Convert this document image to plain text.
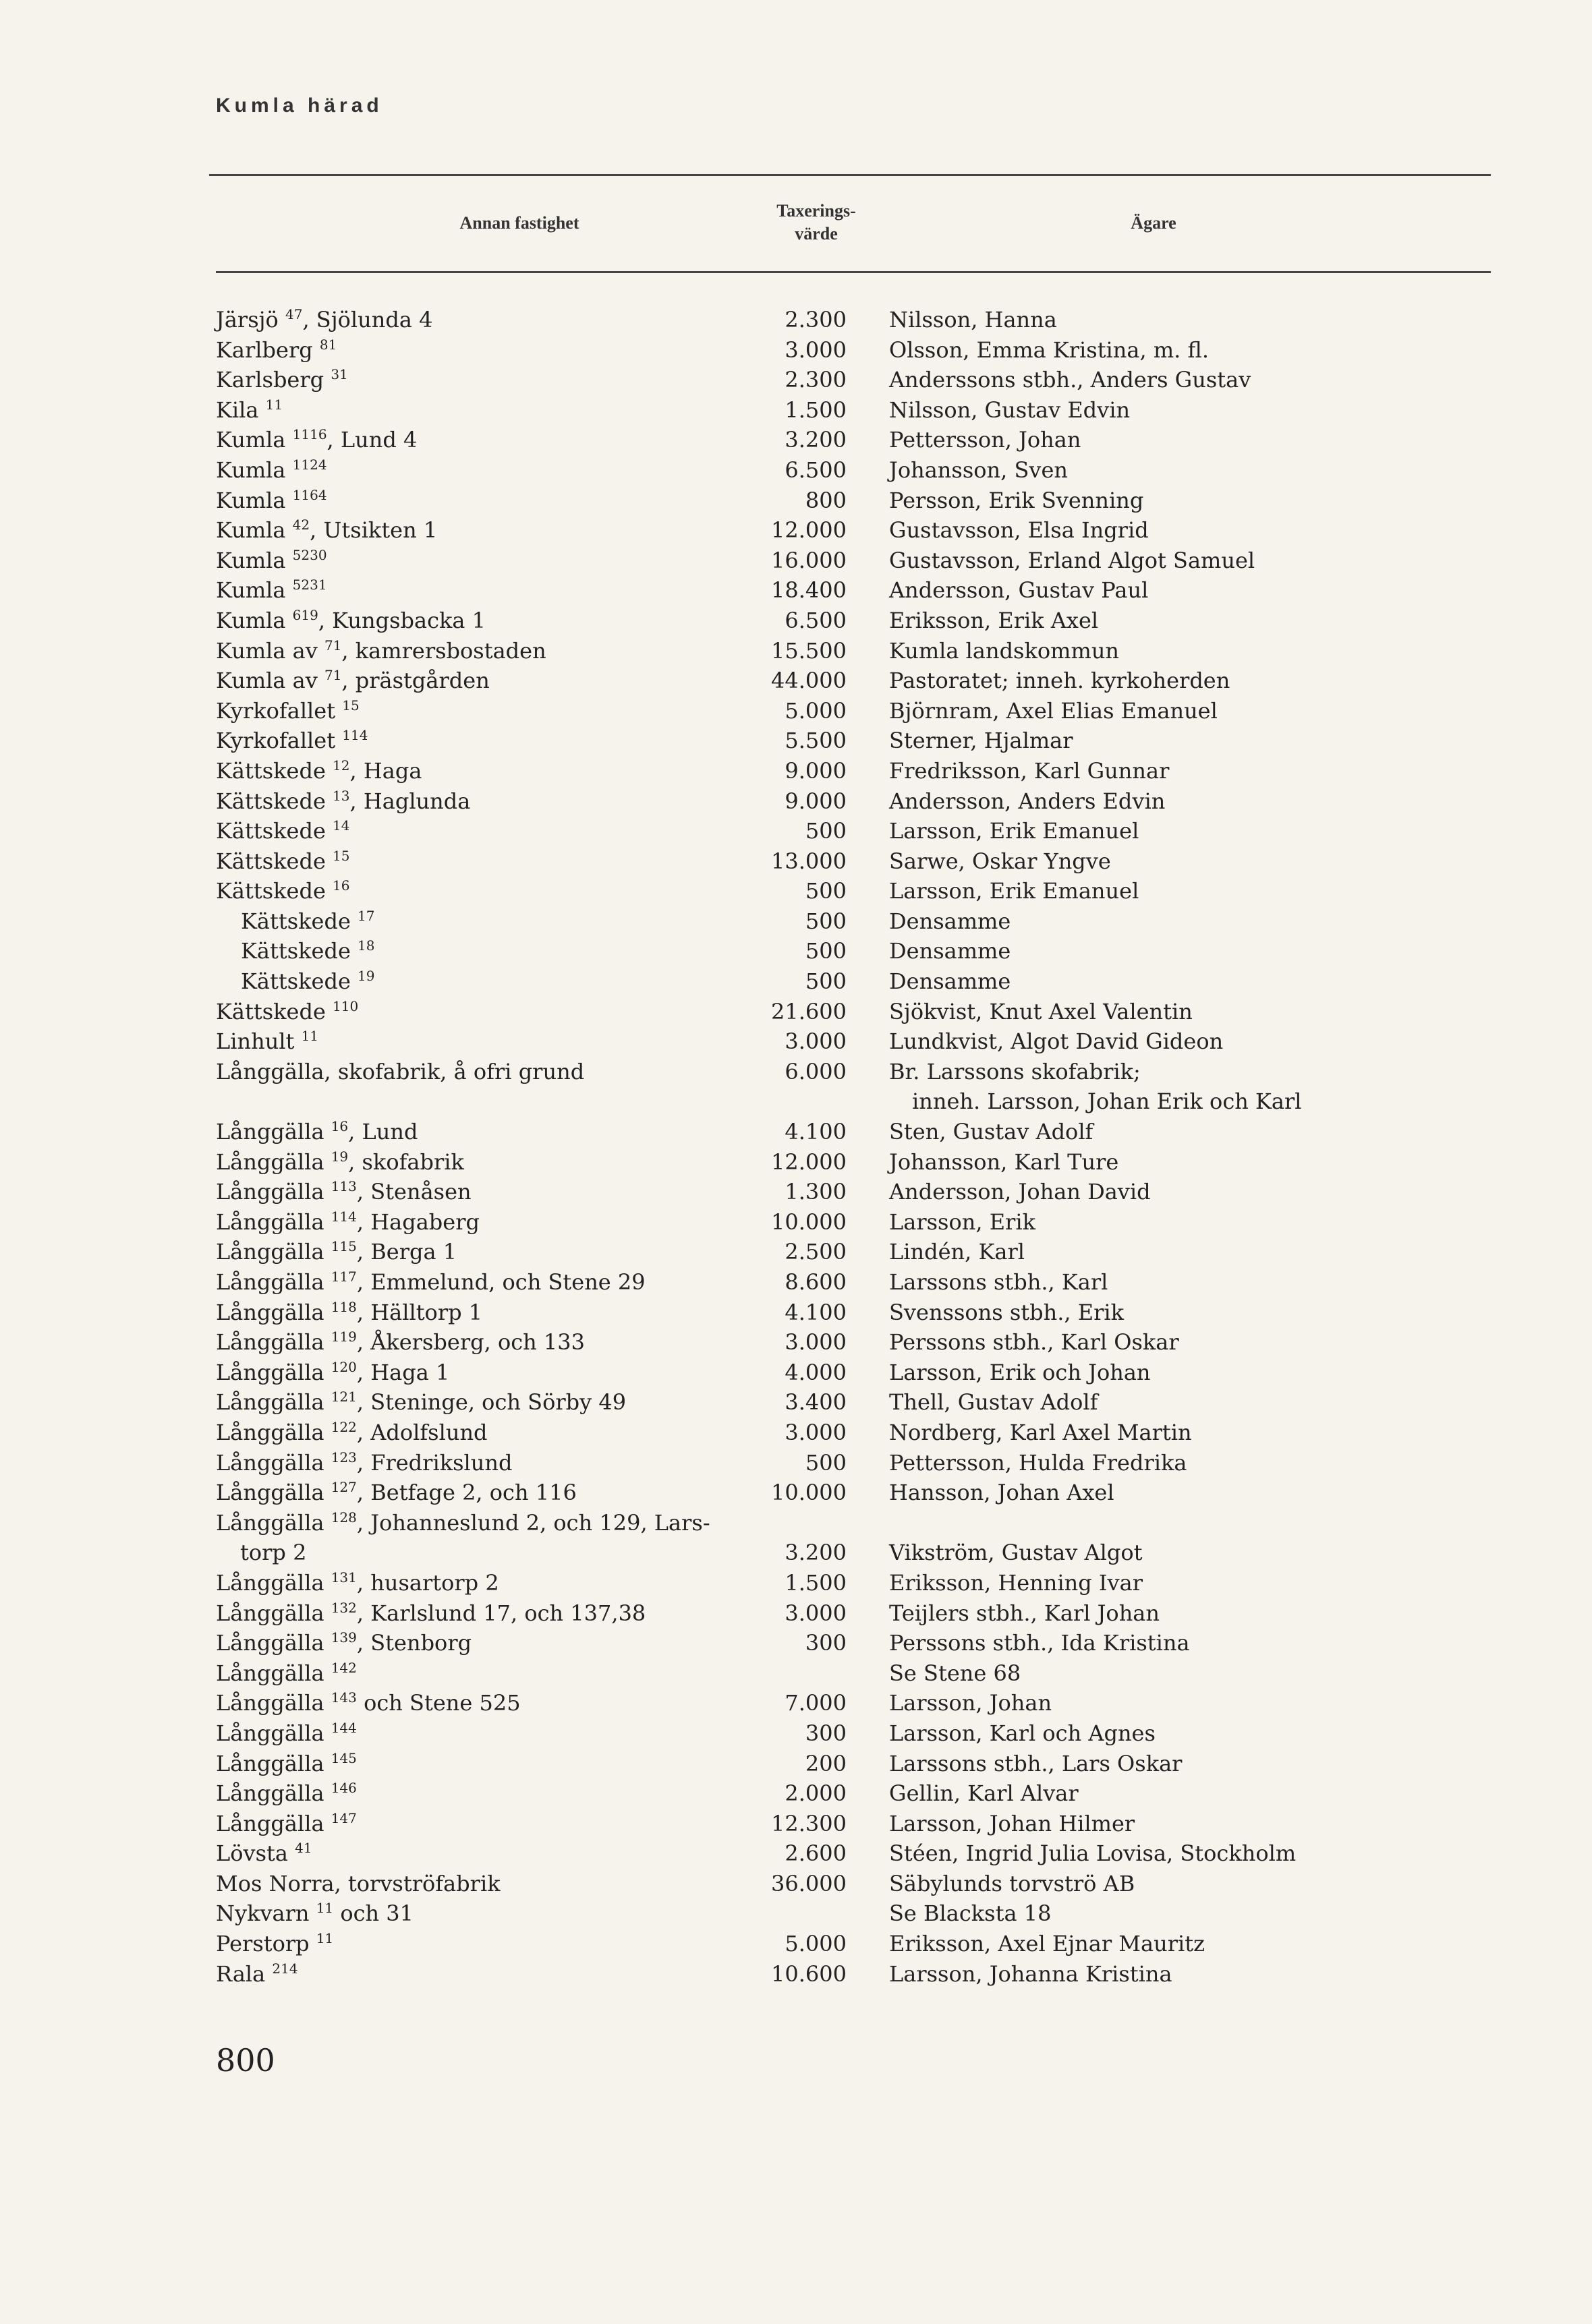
Kumla härad
Annan fastighet
Taxerings-
värde
Ägare
Järsjö $^{47}$, Sjölunda 4	2.300 Nilsson, Hanna
Karlberg $^{81}$	3.000 Olsson, Emma Kristina, m. fl.
Karlsberg $^{31}$	2.300 Anderssons stbh., Anders Gustav
Kila $^{11}$	1.500 Nilsson, Gustav Edvin
Kumla $^{1116}$, Lund 4	3.200 Pettersson, Johan
Kumla $^{1124}$	6.500 Johansson, Sven
Kumla $^{1164}$	800 Persson, Erik Svenning
Kumla $^{42}$, Utsikten 1	12.000 Gustavsson, Elsa Ingrid
Kumla $^{5230}$	16.000 Gustavsson, Erland Algot Samuel
Kumla $^{5231}$	18.400 Andersson, Gustav Paul
Kumla $^{619}$, Kungsbacka 1	6.500 Eriksson, Erik Axel
Kumla av $^{71}$, kamrersbostaden	15.500 Kumla landskommun
Kumla av $^{71}$, prästgården	44.000 Pastoratet; inneh. kyrkoherden
Kyrkofallet $^{15}$	5.000 Björnram, Axel Elias Emanuel
Kyrkofallet $^{114}$	5.500 Sterner, Hjalmar
Kättskede $^{12}$, Haga	9.000 Fredriksson, Karl Gunnar
Kättskede $^{13}$, Haglunda	9.000 Andersson, Anders Edvin
Kättskede $^{14}$	500 Larsson, Erik Emanuel
Kättskede $^{15}$	13.000 Sarwe, Oskar Yngve
Kättskede $^{16}$	500 Larsson, Erik Emanuel
Kättskede $^{17}$	500 Densamme
Kättskede $^{18}$	500 Densamme
Kättskede $^{19}$	500 Densamme
Kättskede $^{110}$	21.600 Sjökvist, Knut Axel Valentin
Linhult $^{11}$	3.000 Lundkvist, Algot David Gideon
Långgälla, skofabrik, å ofri grund	6.000 Br. Larssons skofabrik;
inneh. Larsson, Johan Erik och Karl
Långgälla $^{16}$, Lund	4.100 Sten, Gustav Adolf
Långgälla $^{19}$, skofabrik	12.000 Johansson, Karl Ture
Långgälla $^{113}$, Stenåsen	1.300 Andersson, Johan David
Långgälla $^{114}$, Hagaberg	10.000 Larsson, Erik
Långgälla $^{115}$, Berga 1	2.500 Lindén, Karl
Långgälla $^{117}$, Emmelund, och Stene 29	8.600 Larssons stbh., Karl
Långgälla $^{118}$, Hälltorp 1	4.100 Svenssons stbh., Erik
Långgälla $^{119}$, Åkersberg, och 133	3.000 Perssons stbh., Karl Oskar
Långgälla $^{120}$, Haga 1	4.000 Larsson, Erik och Johan
Långgälla $^{121}$, Steninge, och Sörby 49	3.400 Thell, Gustav Adolf
Långgälla $^{122}$, Adolfslund	3.000 Nordberg, Karl Axel Martin
Långgälla $^{123}$, Fredrikslund	500 Pettersson, Hulda Fredrika
Långgälla $^{127}$, Betfage 2, och 116	10.000 Hansson, Johan Axel
Långgälla $^{128}$, Johanneslund 2, och 129, Lars-
torp 2	3.200 Vikström, Gustav Algot
Långgälla $^{131}$, husartorp 2	1.500 Eriksson, Henning Ivar
Långgälla $^{132}$, Karlslund 17, och 137,38	3.000 Teijlers stbh., Karl Johan
Långgälla $^{139}$, Stenborg	300 Perssons stbh., Ida Kristina
Långgälla $^{142}$	Se Stene 68
Långgälla $^{143}$ och Stene 525	7.000 Larsson, Johan
Långgälla $^{144}$	300 Larsson, Karl och Agnes
Långgälla $^{145}$	200 Larssons stbh., Lars Oskar
Långgälla $^{146}$	2.000 Gellin, Karl Alvar
Långgälla $^{147}$	12.300 Larsson, Johan Hilmer
Lövsta $^{41}$	2.600 Stéen, Ingrid Julia Lovisa, Stockholm
Mos Norra, torvströfabrik	36.000 Säbylunds torvströ AB
Nykvarn $^{11}$ och 31	Se Blacksta 18
Perstorp $^{11}$	5.000 Eriksson, Axel Ejnar Mauritz
Rala $^{214}$	10.600 Larsson, Johanna Kristina
800
